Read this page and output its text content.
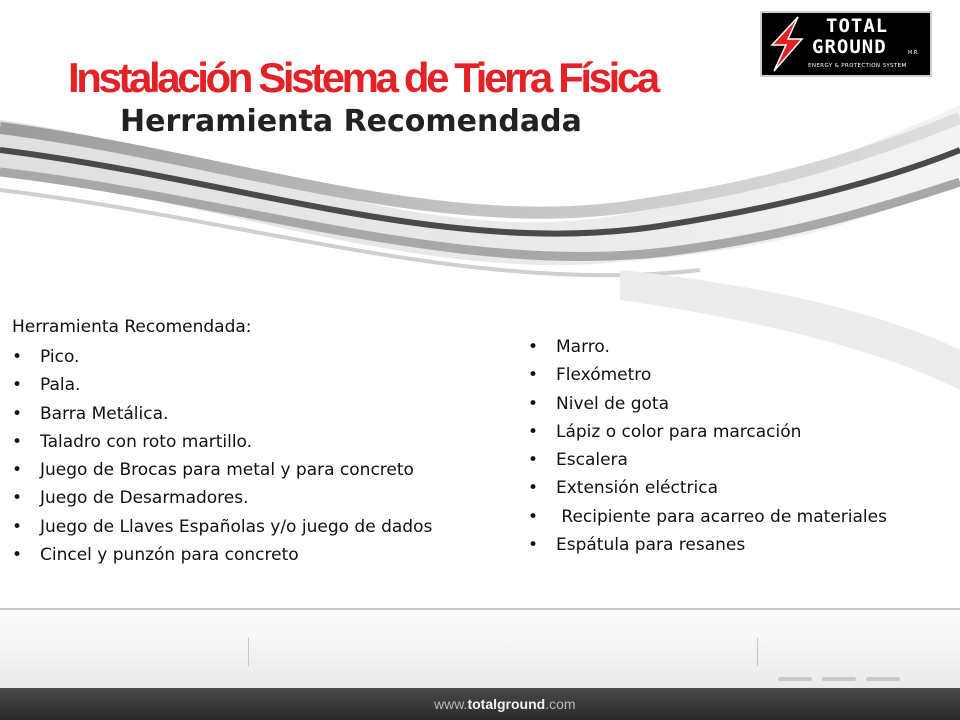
Instalación Sistema de Tierra Física
Herramienta Recomendada
TOTAL
GROUND	M.R.
ENERGY & PROTECTION SYSTEM

Herramienta Recomendada:

• Pico.
• Pala.
• Barra Metálica.
• Taladro con roto martillo.
• Juego de Brocas para metal y para concreto
• Juego de Desarmadores.
• Juego de Llaves Españolas y/o juego de dados
• Cincel y punzón para concreto
• Marro.
• Flexómetro
• Nivel de gota
• Lápiz o color para marcación
• Escalera
• Extensión eléctrica
• Recipiente para acarreo de materiales
• Espátula para resanes
www.totalground.com
